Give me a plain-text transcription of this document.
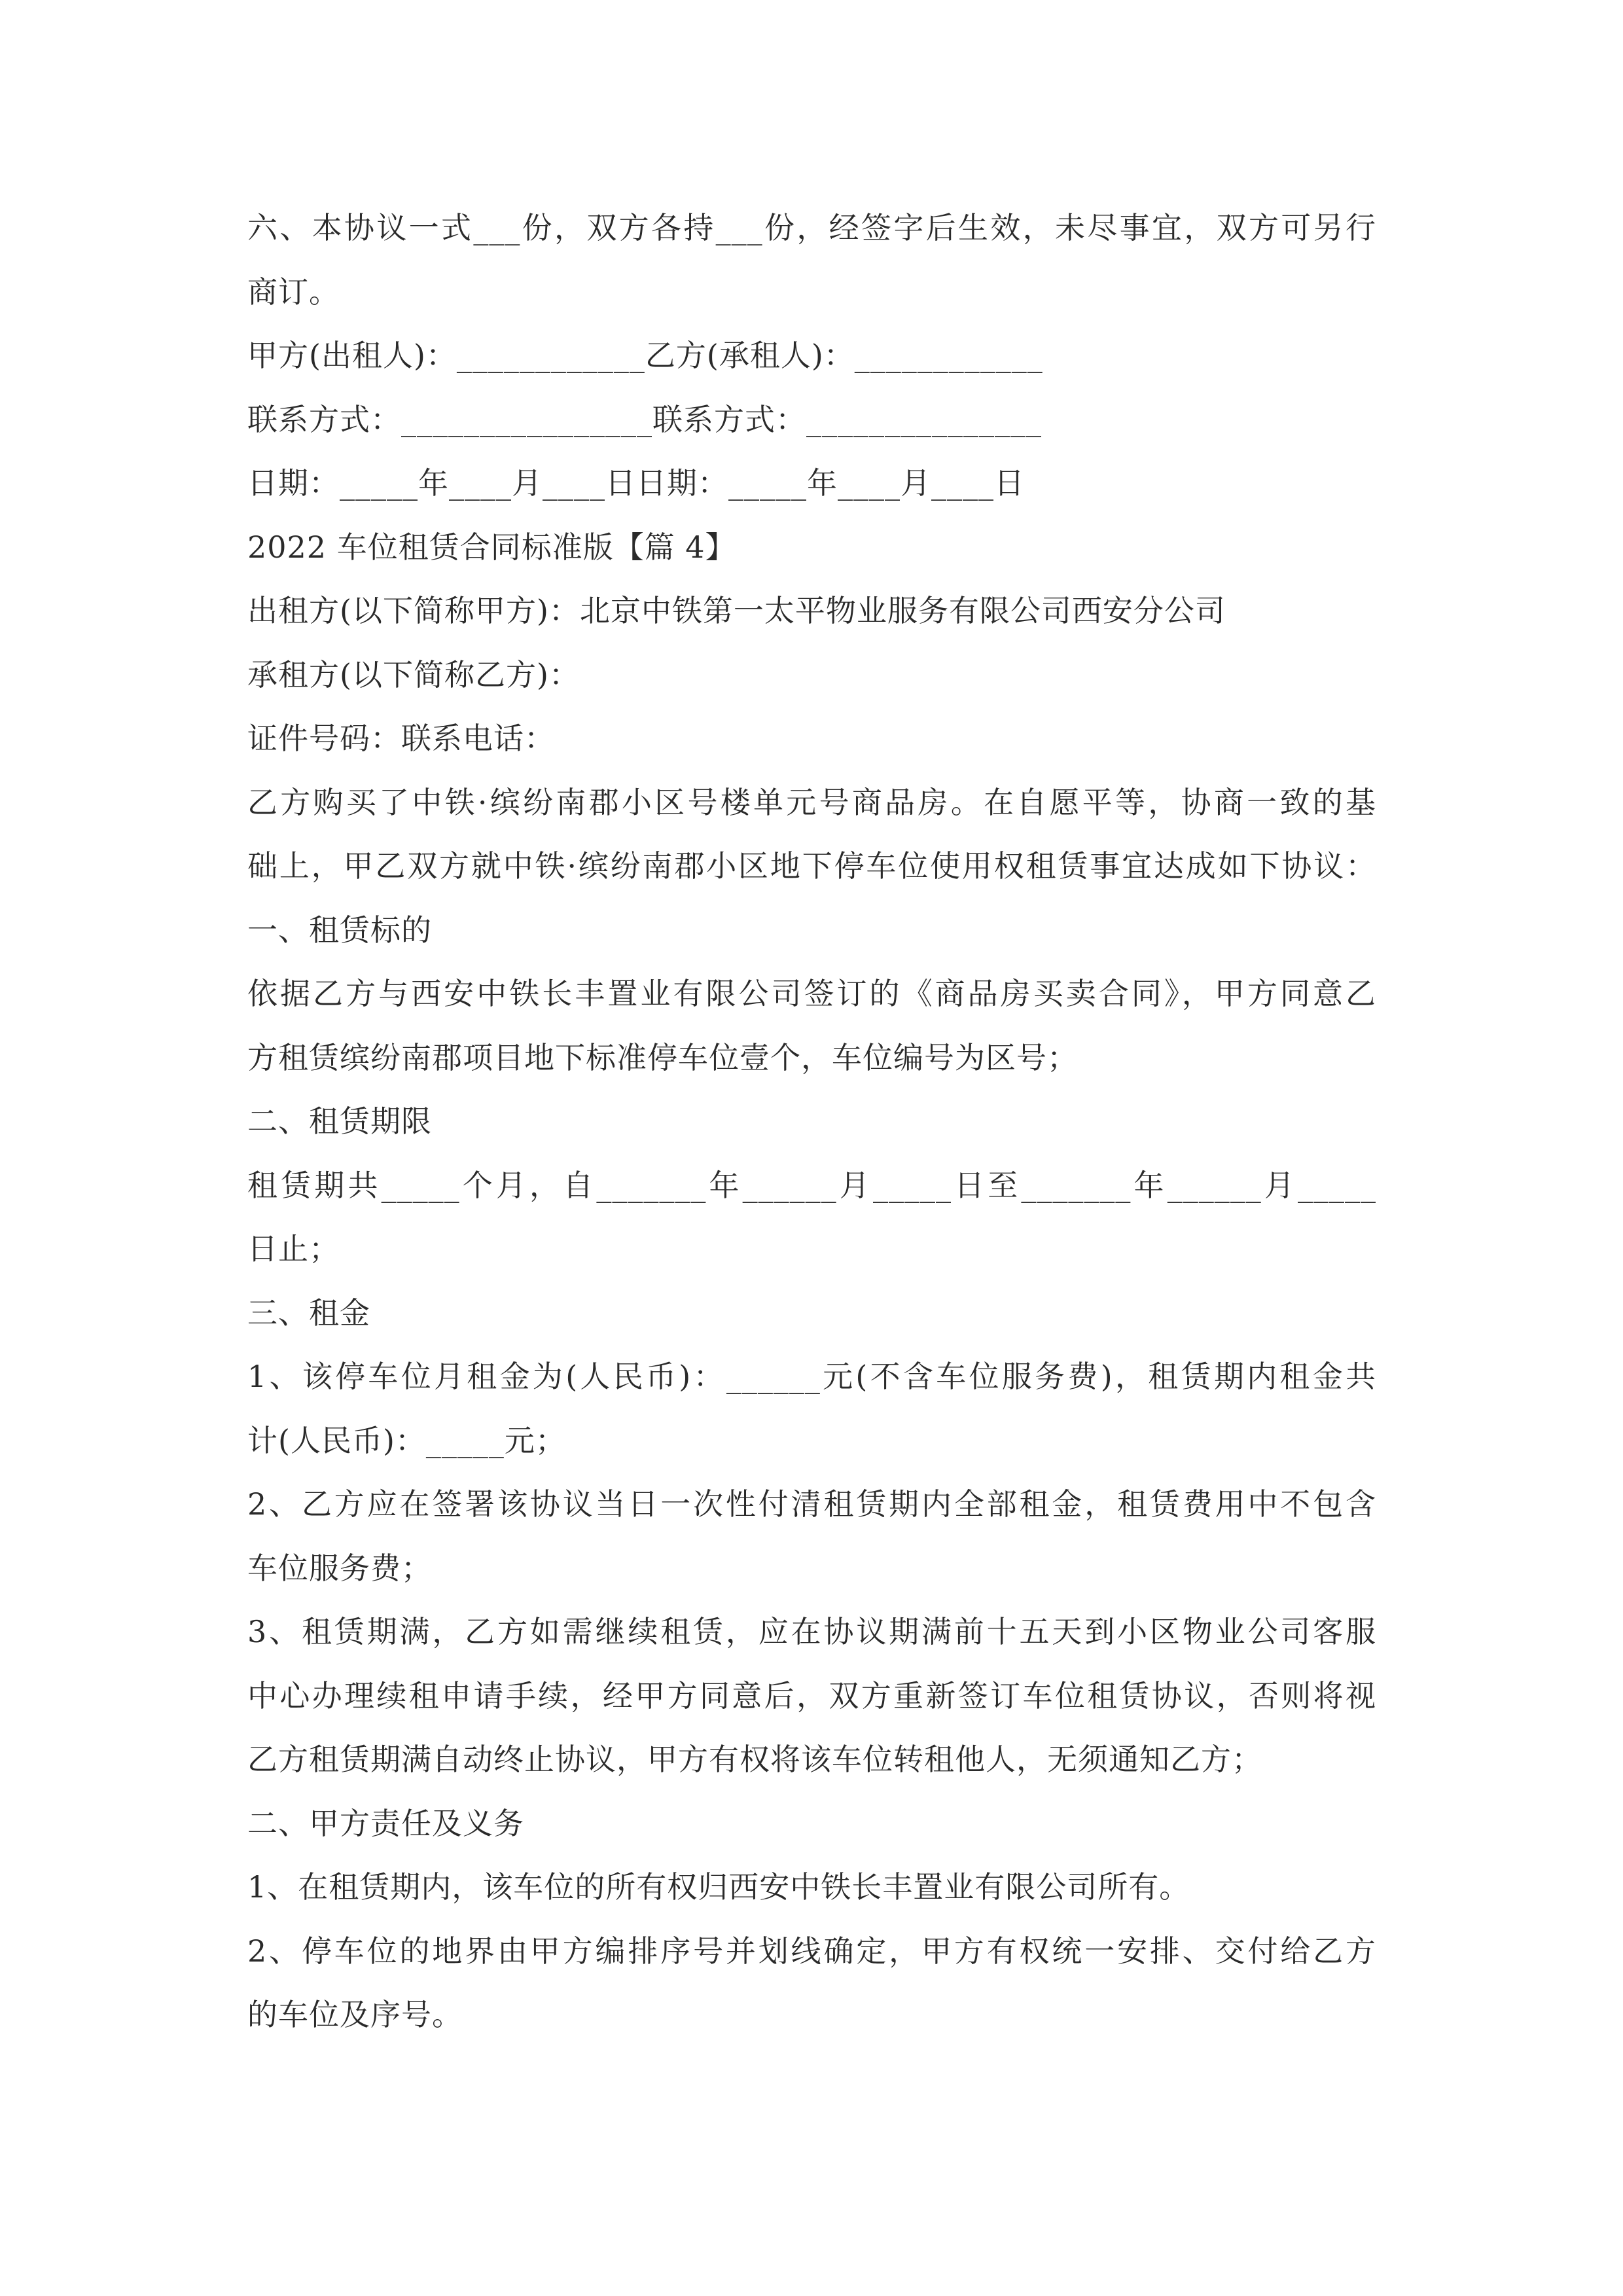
六、本协议一式___份，双方各持___份，经签字后生效，未尽事宜，双方可另行
商订。
甲方(出租人)：____________乙方(承租人)：____________
联系方式：________________联系方式：_______________
日期：_____年____月____日日期：_____年____月____日
2022 车位租赁合同标准版【篇 4】
出租方(以下简称甲方)：北京中铁第一太平物业服务有限公司西安分公司
承租方(以下简称乙方)：
证件号码：联系电话：
乙方购买了中铁·缤纷南郡小区号楼单元号商品房。在自愿平等，协商一致的基
础上，甲乙双方就中铁·缤纷南郡小区地下停车位使用权租赁事宜达成如下协议：
一、租赁标的
依据乙方与西安中铁长丰置业有限公司签订的《商品房买卖合同》，甲方同意乙
方租赁缤纷南郡项目地下标准停车位壹个，车位编号为区号；
二、租赁期限
租赁期共_____个月，自_______年______月_____日至_______年______月_____
日止；
三、租金
1、该停车位月租金为(人民币)：______元(不含车位服务费)，租赁期内租金共
计(人民币)：_____元；
2、乙方应在签署该协议当日一次性付清租赁期内全部租金，租赁费用中不包含
车位服务费；
3、租赁期满，乙方如需继续租赁，应在协议期满前十五天到小区物业公司客服
中心办理续租申请手续，经甲方同意后，双方重新签订车位租赁协议，否则将视
乙方租赁期满自动终止协议，甲方有权将该车位转租他人，无须通知乙方；
二、甲方责任及义务
1、在租赁期内，该车位的所有权归西安中铁长丰置业有限公司所有。
2、停车位的地界由甲方编排序号并划线确定，甲方有权统一安排、交付给乙方
的车位及序号。
